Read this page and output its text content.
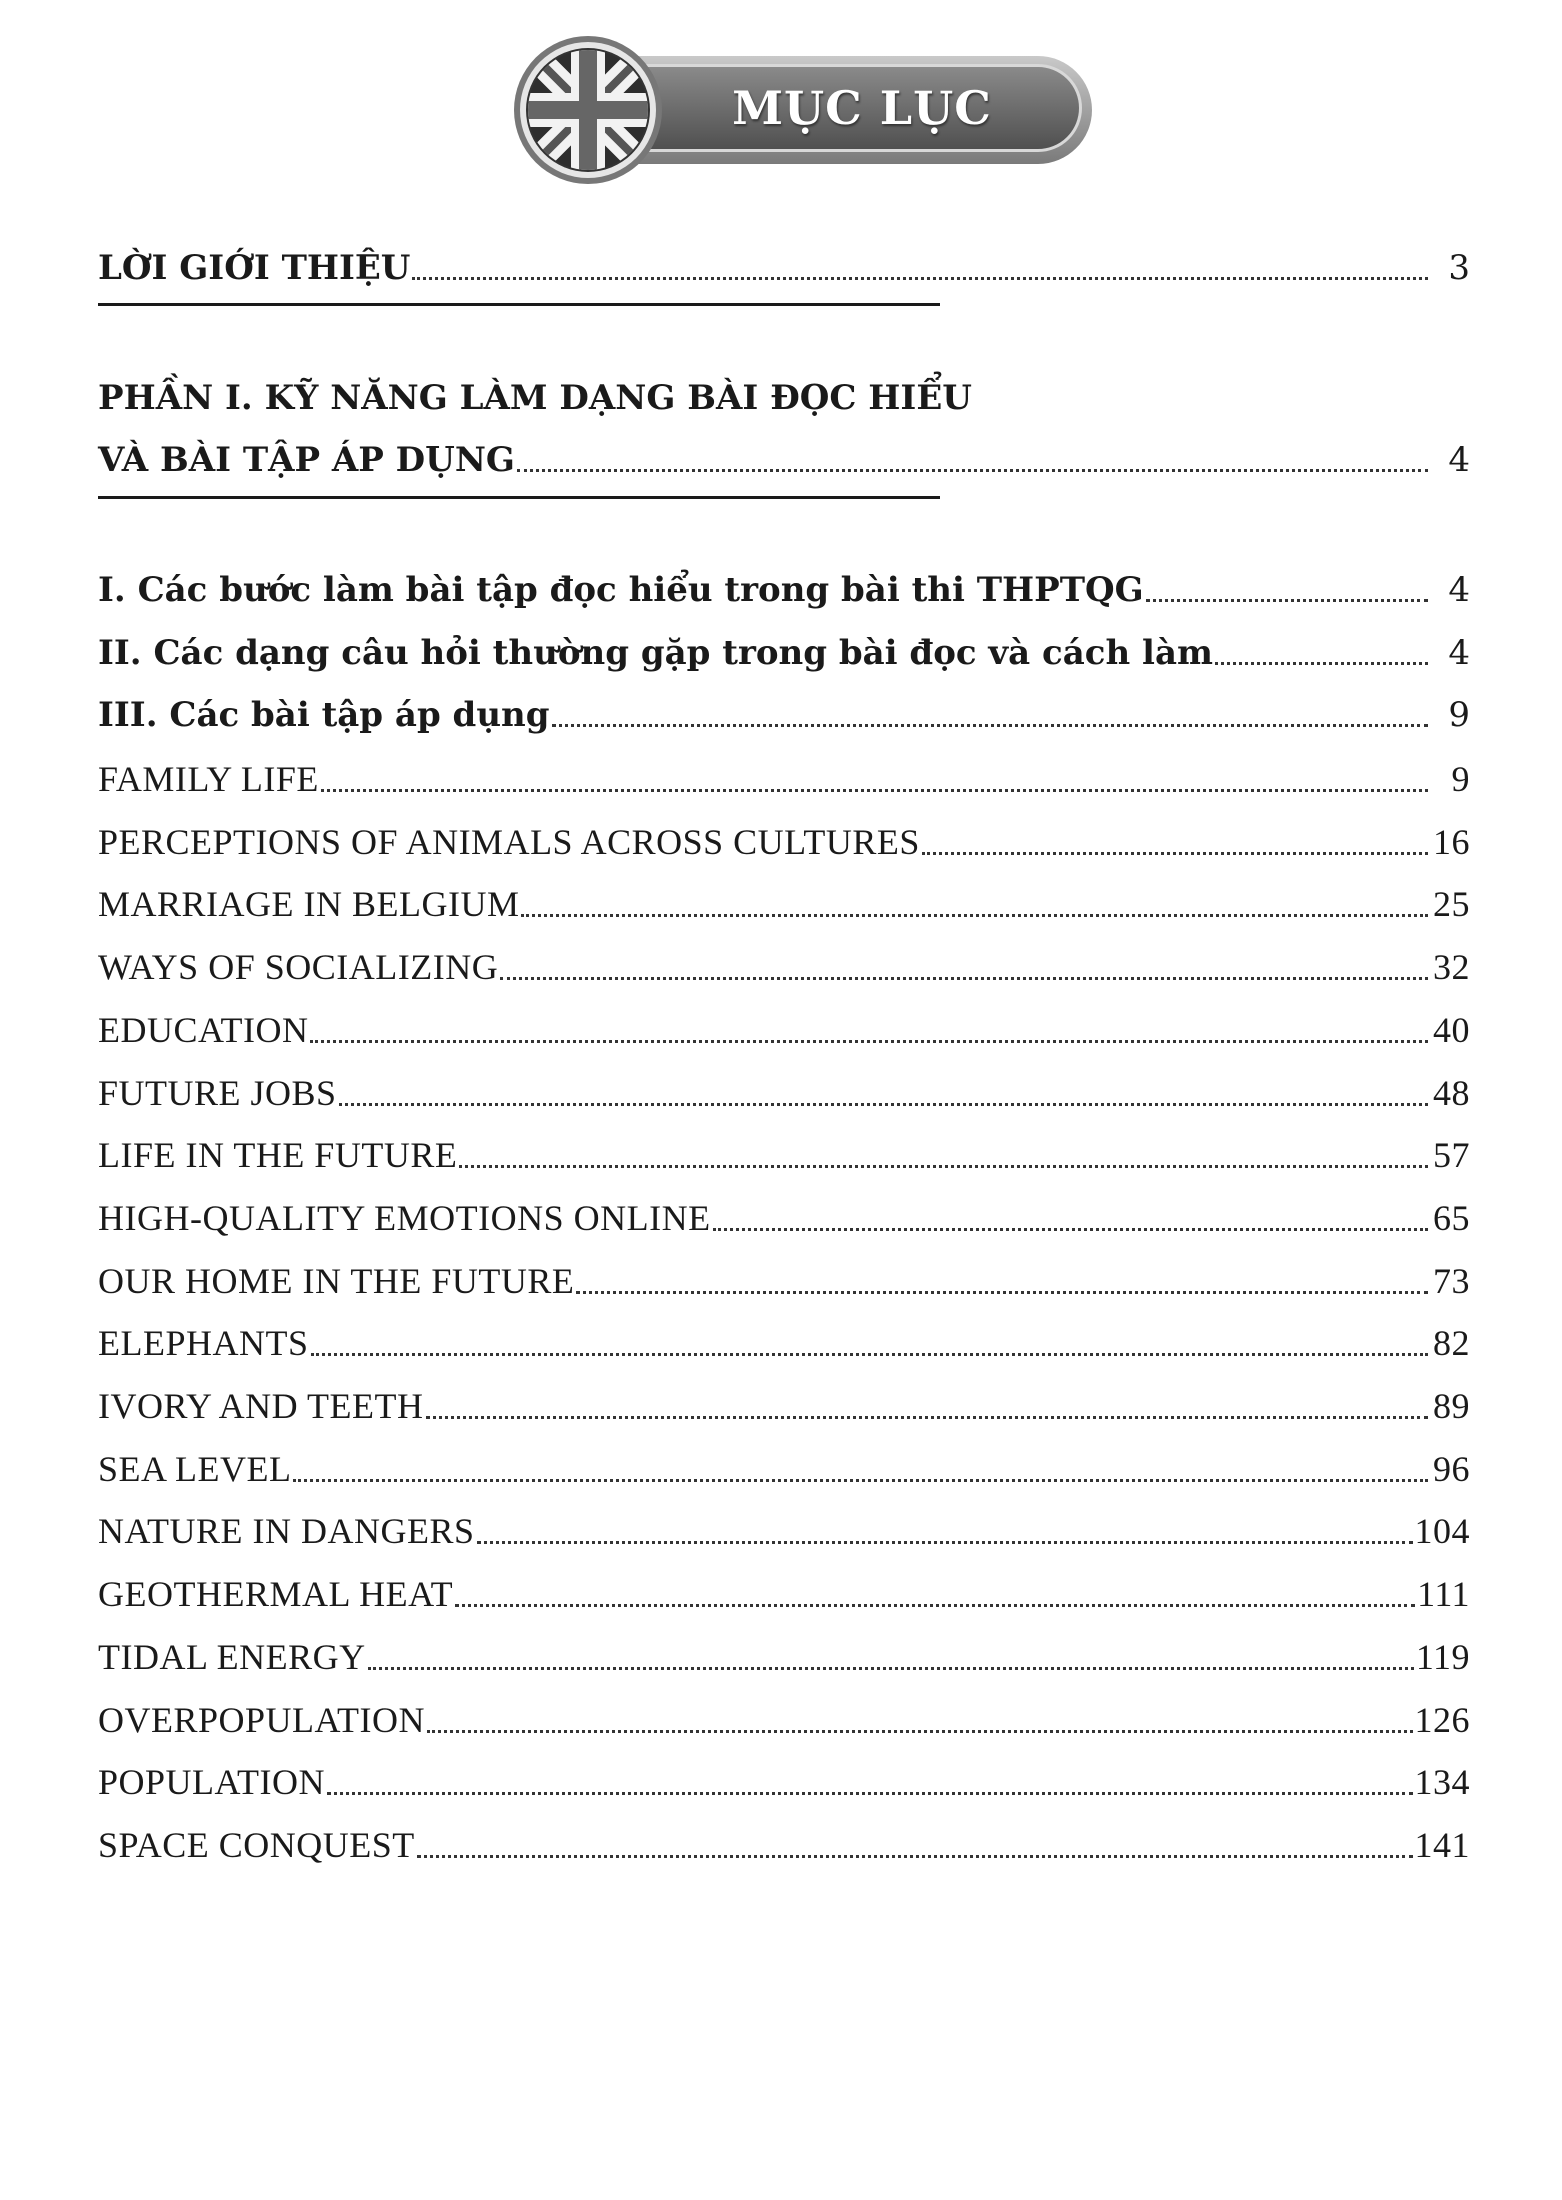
MỤC LỤC
LỜI GIỚI THIỆU	3
PHẦN I. KỸ NĂNG LÀM DẠNG BÀI ĐỌC HIỂU
VÀ BÀI TẬP ÁP DỤNG	4
I. Các bước làm bài tập đọc hiểu trong bài thi THPTQG	4
II. Các dạng câu hỏi thường gặp trong bài đọc và cách làm	4
III. Các bài tập áp dụng	9
FAMILY LIFE	9
PERCEPTIONS OF ANIMALS ACROSS CULTURES	16
MARRIAGE IN BELGIUM	25
WAYS OF SOCIALIZING	32
EDUCATION	40
FUTURE JOBS	48
LIFE IN THE FUTURE	57
HIGH-QUALITY EMOTIONS ONLINE	65
OUR HOME IN THE FUTURE	73
ELEPHANTS	82
IVORY AND TEETH	89
SEA LEVEL	96
NATURE IN DANGERS	104
GEOTHERMAL HEAT	111
TIDAL ENERGY	119
OVERPOPULATION	126
POPULATION	134
SPACE CONQUEST	141
